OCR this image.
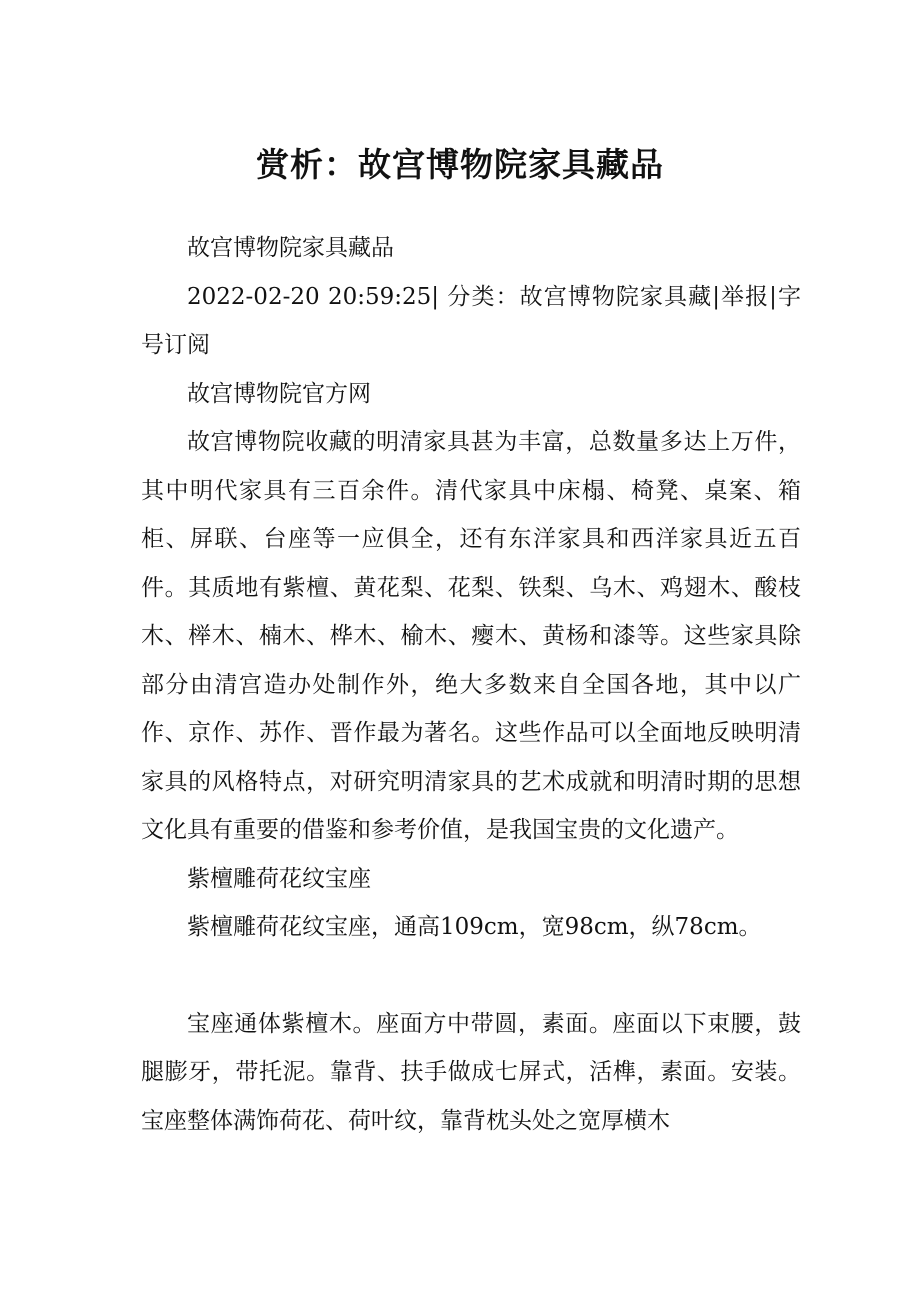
赏析：故宫博物院家具藏品

故宫博物院家具藏品

2022-02-20 20:59:25| 分类：故宫博物院家具藏|举报|字号订阅

故宫博物院官方网

故宫博物院收藏的明清家具甚为丰富，总数量多达上万件，其中明代家具有三百余件。清代家具中床榻、椅凳、桌案、箱柜、屏联、台座等一应俱全，还有东洋家具和西洋家具近五百件。其质地有紫檀、黄花梨、花梨、铁梨、乌木、鸡翅木、酸枝木、榉木、楠木、桦木、榆木、瘿木、黄杨和漆等。这些家具除部分由清宫造办处制作外，绝大多数来自全国各地，其中以广作、京作、苏作、晋作最为著名。这些作品可以全面地反映明清家具的风格特点，对研究明清家具的艺术成就和明清时期的思想文化具有重要的借鉴和参考价值，是我国宝贵的文化遗产。

紫檀雕荷花纹宝座

紫檀雕荷花纹宝座，通高109cm，宽98cm，纵78cm。

宝座通体紫檀木。座面方中带圆，素面。座面以下束腰，鼓腿膨牙，带托泥。靠背、扶手做成七屏式，活榫，素面。安装。宝座整体满饰荷花、荷叶纹，靠背枕头处之宽厚横木
